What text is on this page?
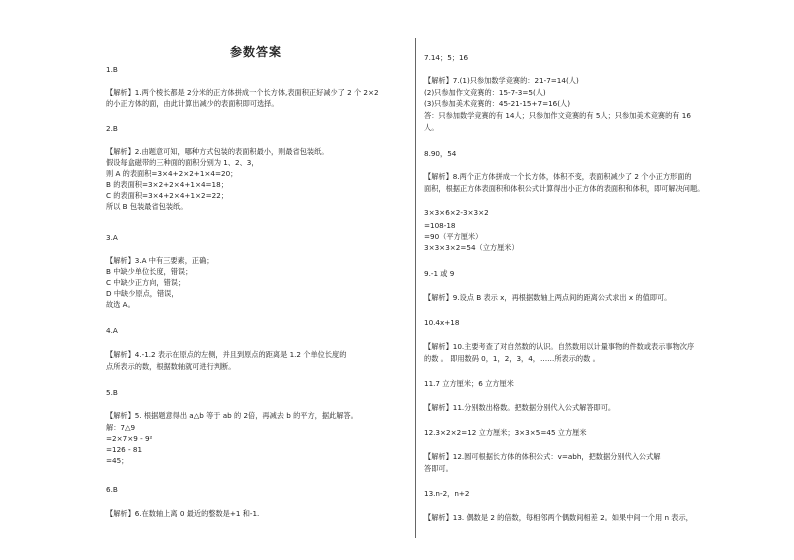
参数答案
1.B
【解析】1.两个棱长都是 2分米的正方体拼成一个长方体,表面积正好减少了 2 个 2×2
的小正方体的面，由此计算出减少的表面积即可选择。
2.B
【解析】2.由题意可知，哪种方式包装的表面积最小，则最省包装纸。
假设每盒磁带的三种面的面积分别为 1、2、3，
则 A 的表面积=3×4+2×2+1×4=20；
B 的表面积=3×2+2×4+1×4=18；
C 的表面积=3×4+2×4+1×2=22；
所以 B 包装最省包装纸。
3.A
【解析】3.A 中有三要素，正确；
B 中缺少单位长度，错误；
C 中缺少正方向，错误；
D 中缺少原点，错误，
故选 A。
4.A
【解析】4.-1.2 表示在原点的左侧，并且到原点的距离是 1.2 个单位长度的
点所表示的数，根据数轴就可进行判断。
5.B
【解析】5. 根据题意得出 a△b 等于 ab 的 2倍，再减去 b 的平方，据此解答。
解：7△9
=2×7×9 - 9²
=126 - 81
=45；
6.B
【解析】6.在数轴上离 0 最近的整数是+1 和-1.
7.14；5；16
【解析】7.(1)只参加数学竞赛的：21-7=14(人)
(2)只参加作文竞赛的：15-7-3=5(人)
(3)只参加美术竞赛的：45-21-15+7=16(人)
答：只参加数学竞赛的有 14人；只参加作文竞赛的有 5人；只参加美术竞赛的有 16
人。
8.90，54
【解析】8.两个正方体拼成一个长方体，体积不变，表面积减少了 2 个小正方形面的
面积，根据正方体表面积和体积公式计算得出小正方体的表面积和体积，即可解决问题。
3×3×6×2-3×3×2
=108-18
=90（平方厘米）
3×3×3×2=54（立方厘米）
9.-1 或 9
【解析】9.设点 B 表示 x，再根据数轴上两点间的距离公式求出 x 的值即可。
10.4x+18
【解析】10.主要考查了对自然数的认识。自然数用以计量事物的件数或表示事物次序
的数 。 即用数码 0，1，2，3，4，……所表示的数 。
11.7 立方厘米；6 立方厘米
【解析】11.分别数出格数。把数据分别代入公式解答即可。
12.3×2×2=12 立方厘米；3×3×5=45 立方厘米
【解析】12.圆可根据长方体的体积公式：v=abh，把数据分别代入公式解
答即可。
13.n-2，n+2
【解析】13. 偶数是 2 的倍数，每相邻两个偶数间相差 2。如果中间一个用 n 表示，
